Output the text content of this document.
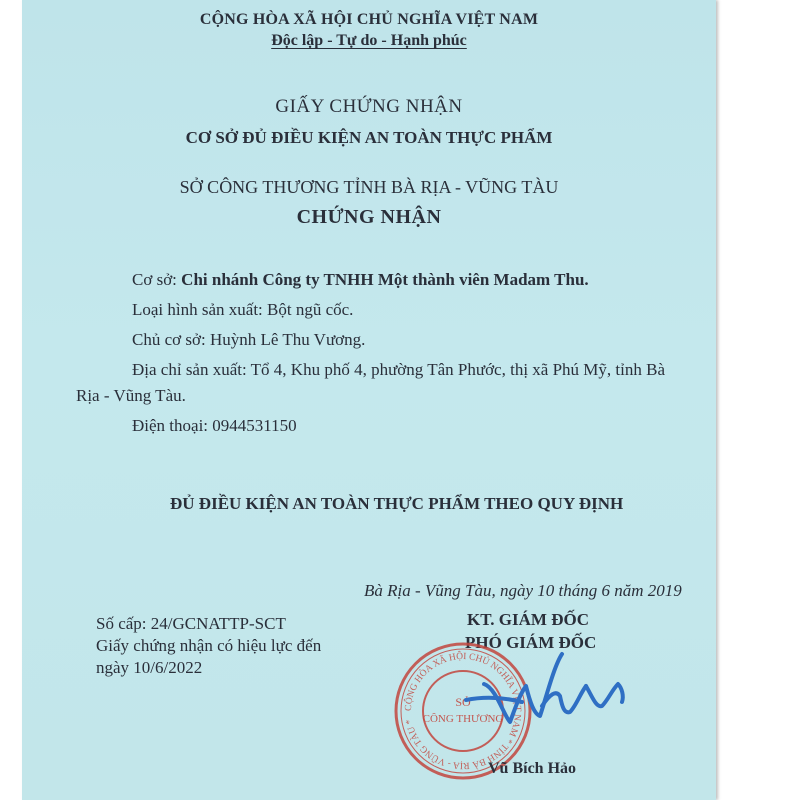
CỘNG HÒA XÃ HỘI CHỦ NGHĨA VIỆT NAM
Độc lập - Tự do - Hạnh phúc
GIẤY CHỨNG NHẬN
CƠ SỞ ĐỦ ĐIỀU KIỆN AN TOÀN THỰC PHẨM
SỞ CÔNG THƯƠNG TỈNH BÀ RỊA - VŨNG TÀU
CHỨNG NHẬN
Cơ sở: Chi nhánh Công ty TNHH Một thành viên Madam Thu.
Loại hình sản xuất: Bột ngũ cốc.
Chủ cơ sở: Huỳnh Lê Thu Vương.
Địa chỉ sản xuất: Tổ 4, Khu phố 4, phường Tân Phước, thị xã Phú Mỹ, tỉnh Bà
Rịa - Vũng Tàu.
Điện thoại: 0944531150
ĐỦ ĐIỀU KIỆN AN TOÀN THỰC PHẨM THEO QUY ĐỊNH
Bà Rịa - Vũng Tàu, ngày 10 tháng 6 năm 2019
Số cấp: 24/GCNATTP-SCT
Giấy chứng nhận có hiệu lực đến
ngày 10/6/2022
KT. GIÁM ĐỐC
PHÓ GIÁM ĐỐC
CỘNG HÒA XÃ HỘI CHỦ NGHĨA VIỆT NAM * TỈNH BÀ RỊA - VŨNG TÀU *
SỞ
CÔNG THƯƠNG
Vũ Bích Hảo
